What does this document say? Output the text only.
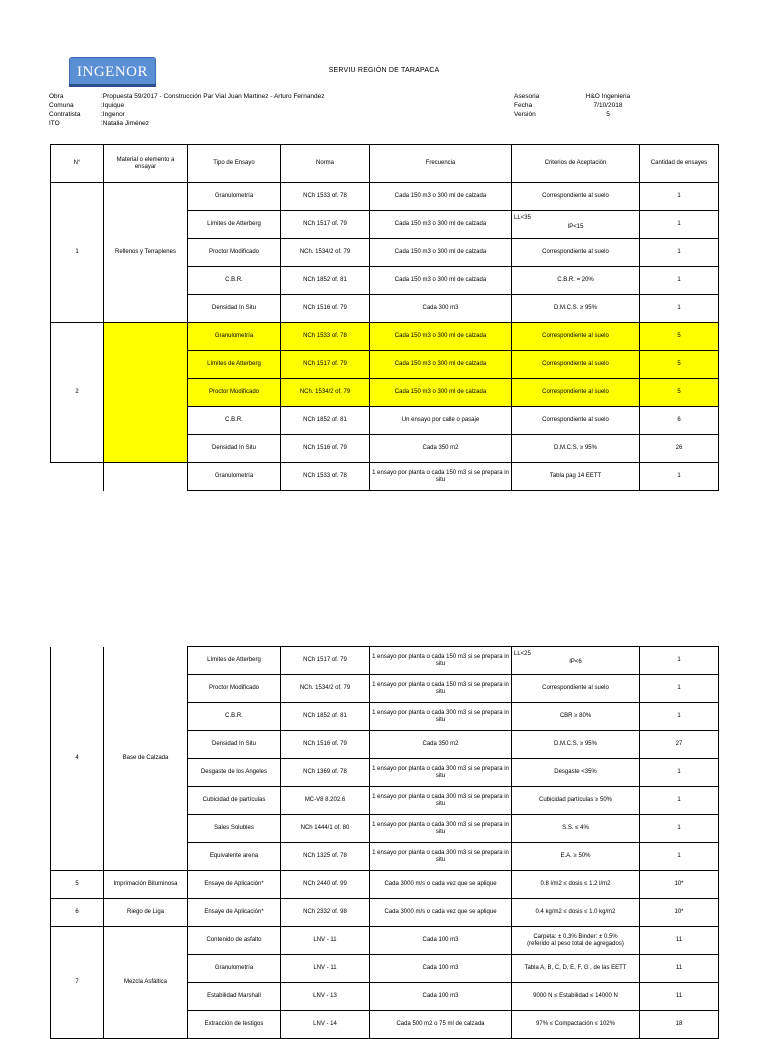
INGENOR	SERVIU REGIÓN DE TARAPACA
Obra	:Propuesta 59/2017 - Construcción Par Vial Juan Martinez - Arturo Fernandez
Comuna	:Iquique
Contratista	:Ingenor
ITO	:Natalia Jiménez
Asesoria	H&O Ingenieria
Fecha	7/10/2018
Versión	5
N°	Material o elemento a ensayar	Tipo de Ensayo	Norma	Frecuencia	Criterios de Aceptación	Cantidad de ensayes
1	Rellenos y Terraplenes	Granulometría	NCh 1533 of. 78	Cada 150 m3 o 300 ml de calzada	Correspondiente al suelo	1
		Límites de Atterberg	NCh 1517 of. 79	Cada 150 m3 o 300 ml de calzada	LL<35
IP<15	1
		Proctor Modificado	NCh. 1534/2 of. 79	Cada 150 m3 o 300 ml de calzada	Correspondiente al suelo	1
		C.B.R.	NCh 1852 of. 81	Cada 150 m3 o 300 ml de calzada	C.B.R. = 20%	1
		Densidad In Situ	NCh 1516 of. 79	Cada 300 m3	D.M.C.S. ≥ 95%	1
2		Granulometría	NCh 1533 of. 78	Cada 150 m3 o 300 ml de calzada	Correspondiente al suelo	5
		Límites de Atterberg	NCh 1517 of. 79	Cada 150 m3 o 300 ml de calzada	Correspondiente al suelo	5
		Proctor Modificado	NCh. 1534/2 of. 79	Cada 150 m3 o 300 ml de calzada	Correspondiente al suelo	5
		C.B.R.	NCh 1852 of. 81	Un ensayo por calle o pasaje	Correspondiente al suelo	6
		Densidad In Situ	NCh 1516 of. 79	Cada 350 m2	D.M.C.S. ≥ 95%	26
		Granulometría	NCh 1533 of. 78	1 ensayo por planta o cada 150 m3 si se prepara in situ	Tabla pag 14 EETT	1
4	Base de Calzada	Límites de Atterberg	NCh 1517 of. 79	1 ensayo por planta o cada 150 m3 si se prepara in situ	LL<25
IP<6	1
		Proctor Modificado	NCh. 1534/2 of. 79	1 ensayo por planta o cada 150 m3 si se prepara in situ	Correspondiente al suelo	1
		C.B.R.	NCh 1852 of. 81	1 ensayo por planta o cada 300 m3 si se prepara in situ	CBR ≥ 80%	1
		Densidad In Situ	NCh 1516 of. 79	Cada 350 m2	D.M.C.S. ≥ 95%	27
		Desgaste de los Angeles	NCh 1369 of. 78	1 ensayo por planta o cada 300 m3 si se prepara in situ	Desgaste <35%	1
		Cubicidad de partículas	MC-V8 8.202.6	1 ensayo por planta o cada 300 m3 si se prepara in situ	Cubicidad partículas ≥ 50%	1
		Sales Solubles	NCh 1444/1 of. 80	1 ensayo por planta o cada 300 m3 si se prepara in situ	S.S. ≤ 4%	1
		Equivalente arena	NCh 1325 of. 78	1 ensayo por planta o cada 300 m3 si se prepara in situ	E.A. ≥ 50%	1
5	Imprimación Bituminosa	Ensaye de Aplicación*	NCh 2440 of. 99	Cada 3000 m/s o cada vez que se aplique	0.8 l/m2 ≤ dosis ≤ 1.2 l/m2	10*
6	Riego de Liga	Ensaye de Aplicación*	NCh 2332 of. 98	Cada 3000 m/s o cada vez que se aplique	0.4 kg/m2 ≤ dosis ≤ 1.0 kg/m2	10*
7	Mezcla Asfáltica	Contenido de asfalto	LNV - 11	Cada 100 m3	Carpeta: ± 0.3% Binder: ± 0.5%
(referido al peso total de agregados)	11
		Granulometría	LNV - 11	Cada 100 m3	Tabla A, B, C, D, E, F, G , de las EETT	11
		Estabilidad Marshall	LNV - 13	Cada 100 m3	9000 N ≤ Estabilidad ≤ 14000 N	11
		Extracción de testigos	LNV - 14	Cada 500 m2 o 75 ml de calzada	97% ≤ Compactación ≤ 102%	18
